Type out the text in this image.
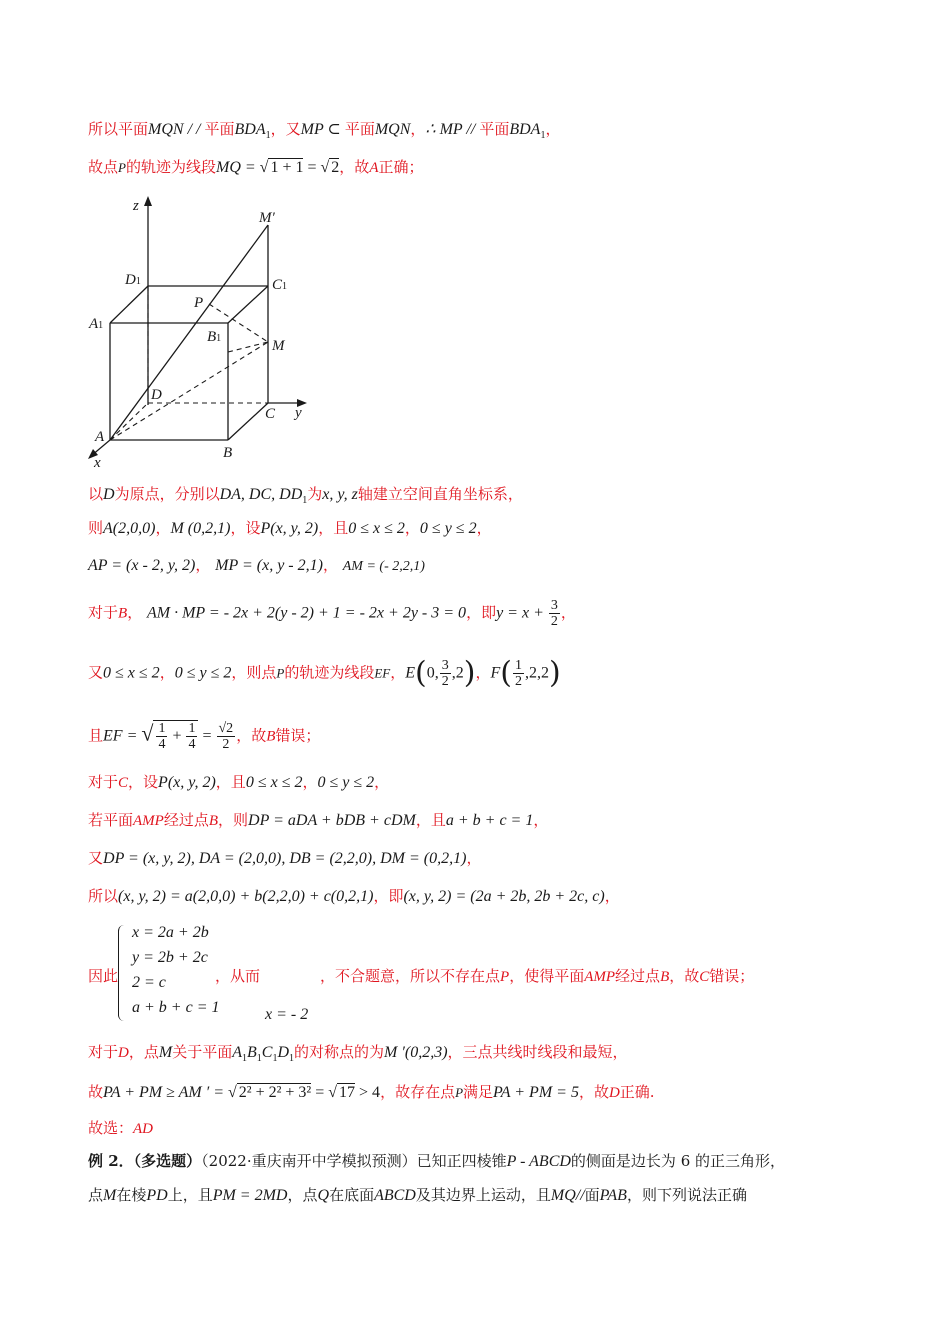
所以平面MQN / / 平面$BDA_1$，又MP ⊂ 平面MQN，∴ MP // 平面$BDA_1$，
故点P的轨迹为线段MQ = √ 1 + 1 = √ 2，故A正确；
z
M′
D1	C1
P
A1
B1	M
D
C y
A
B
x
以D为原点，分别以DA, DC, $DD_1$为x, y, z轴建立空间直角坐标系，
则A(2,0,0)，M (0,2,1)，设P(x, y, 2)，且0 ≤ x ≤ 2，0 ≤ y ≤ 2，
AP = (x - 2, y, 2)， MP = (x, y - 2,1)， AM = (- 2,2,1)
对于B， AM · MP = - 2x + 2(y - 2) + 1 = - 2x + 2y - 3 = 0，即$y = x + \frac{3}{2}$ ，
又0 ≤ x ≤ 2，0 ≤ y ≤ 2，则点P的轨迹为线段EF，E(0, $\frac{3}{2} ,2$)，$F( \frac{1}{2} ,2,2)$
且EF = √ $\frac{1}{4} + \frac{1}{4} = \frac{√2}{2}$ ，故B错误；
对于C，设P(x, y, 2)，且0 ≤ x ≤ 2，0 ≤ y ≤ 2，
若平面AMP经过点B，则DP = aDA + bDB + cDM，且a + b + c = 1，
又DP = (x, y, 2), DA = (2,0,0), DB = (2,2,0), DM = (0,2,1)，
所以(x, y, 2) = a(2,0,0) + b(2,2,0) + c(0,2,1)，即(x, y, 2) = (2a + 2b, 2b + 2c, c)，
x = 2a + 2b
y = 2b + 2c
2 = c
a + b + c = 1
因此	，从而	，不合题意，所以不存在点P，使得平面AMP经过点B，故C错误；
x = - 2
对于D，点M关于平面$A_1B_1C_1D_1$的对称点的为M ′(0,2,3)，三点共线时线段和最短，
故PA + PM ≥ AM ′ = √ 2² + 2² + 3² = √ 17 > 4，故存在点P满足PA + PM = 5，故D正确.
故选：AD
例 2．（多选题）（2022·重庆南开中学模拟预测）已知正四棱锥P - ABCD的侧面是边长为 6 的正三角形，
点M在棱PD上，且PM = 2MD，点Q在底面ABCD及其边界上运动，且MQ//面PAB，则下列说法正确
